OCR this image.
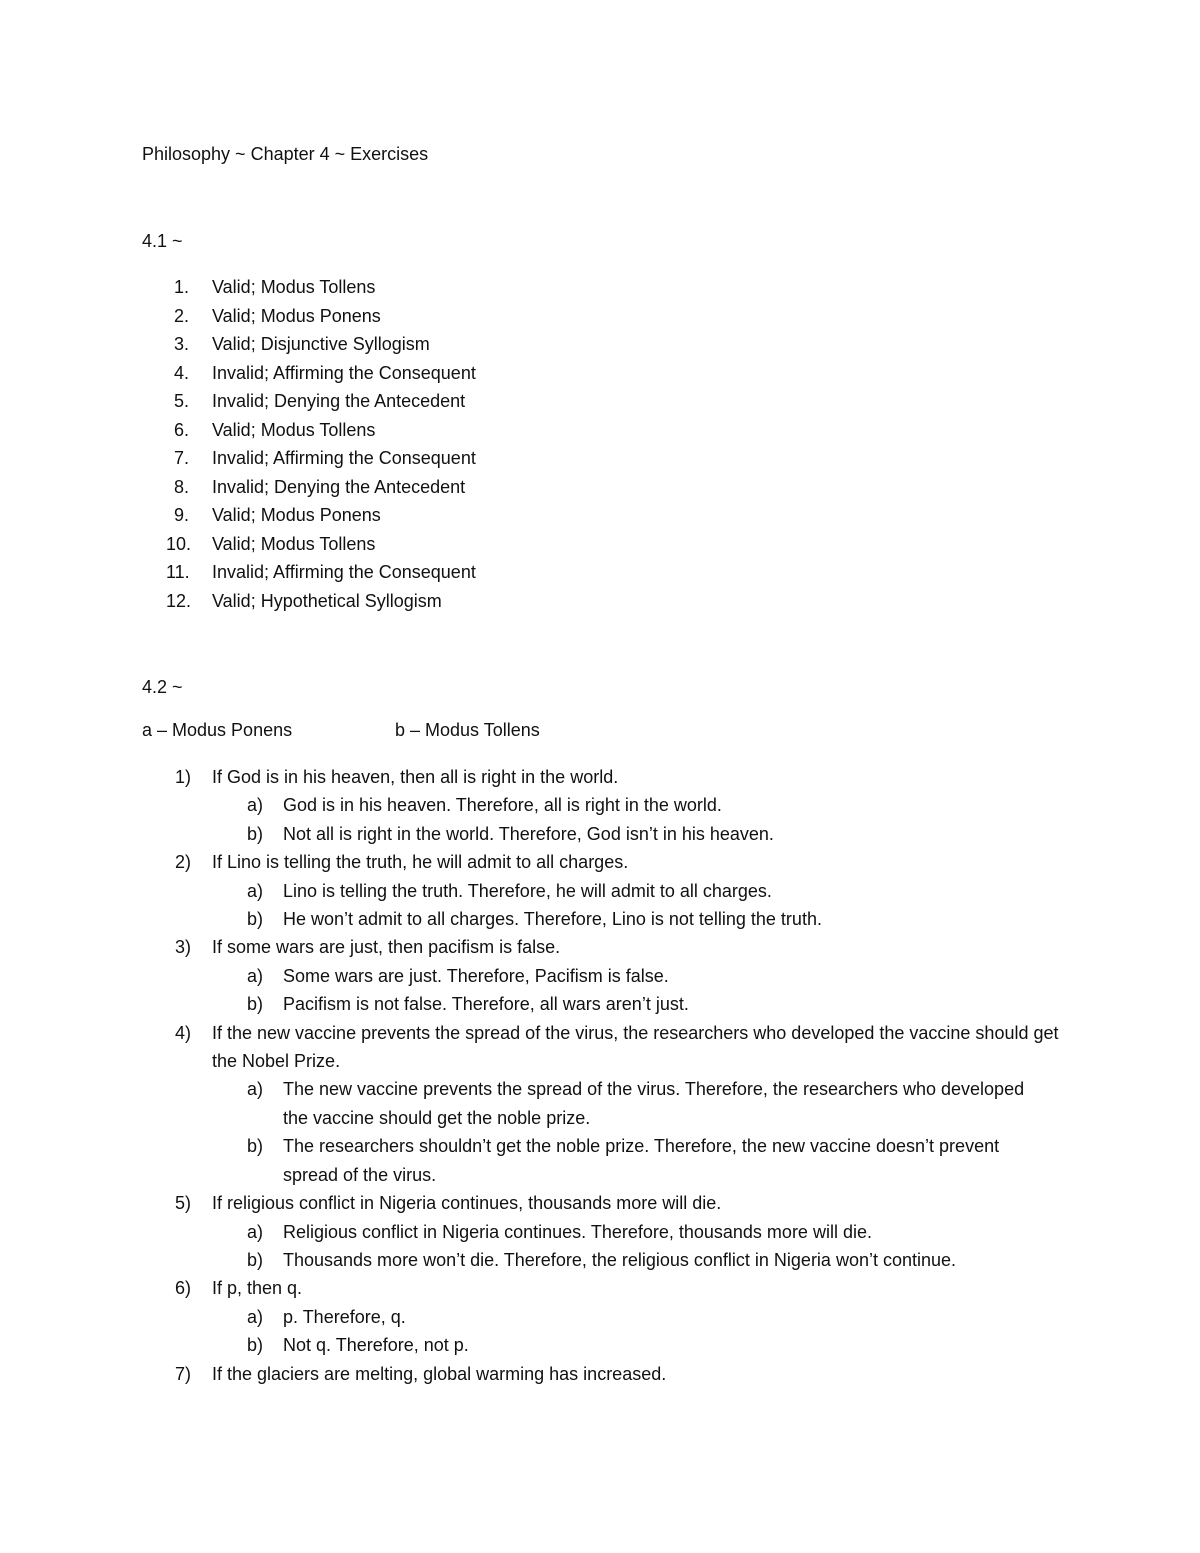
Philosophy ~ Chapter 4 ~ Exercises
4.1 ~
1. Valid; Modus Tollens
2. Valid; Modus Ponens
3. Valid; Disjunctive Syllogism
4. Invalid; Affirming the Consequent
5. Invalid; Denying the Antecedent
6. Valid; Modus Tollens
7. Invalid; Affirming the Consequent
8. Invalid; Denying the Antecedent
9. Valid; Modus Ponens
10. Valid; Modus Tollens
11. Invalid; Affirming the Consequent
12. Valid; Hypothetical Syllogism
4.2 ~
a – Modus Ponens	b – Modus Tollens
1) If God is in his heaven, then all is right in the world.
a) God is in his heaven. Therefore, all is right in the world.
b) Not all is right in the world. Therefore, God isn’t in his heaven.
2) If Lino is telling the truth, he will admit to all charges.
a) Lino is telling the truth. Therefore, he will admit to all charges.
b) He won’t admit to all charges. Therefore, Lino is not telling the truth.
3) If some wars are just, then pacifism is false.
a) Some wars are just. Therefore, Pacifism is false.
b) Pacifism is not false. Therefore, all wars aren’t just.
4) If the new vaccine prevents the spread of the virus, the researchers who developed the vaccine should get the Nobel Prize.
a) The new vaccine prevents the spread of the virus. Therefore, the researchers who developed the vaccine should get the noble prize.
b) The researchers shouldn’t get the noble prize. Therefore, the new vaccine doesn’t prevent spread of the virus.
5) If religious conflict in Nigeria continues, thousands more will die.
a) Religious conflict in Nigeria continues. Therefore, thousands more will die.
b) Thousands more won’t die. Therefore, the religious conflict in Nigeria won’t continue.
6) If p, then q.
a) p. Therefore, q.
b) Not q. Therefore, not p.
7) If the glaciers are melting, global warming has increased.
